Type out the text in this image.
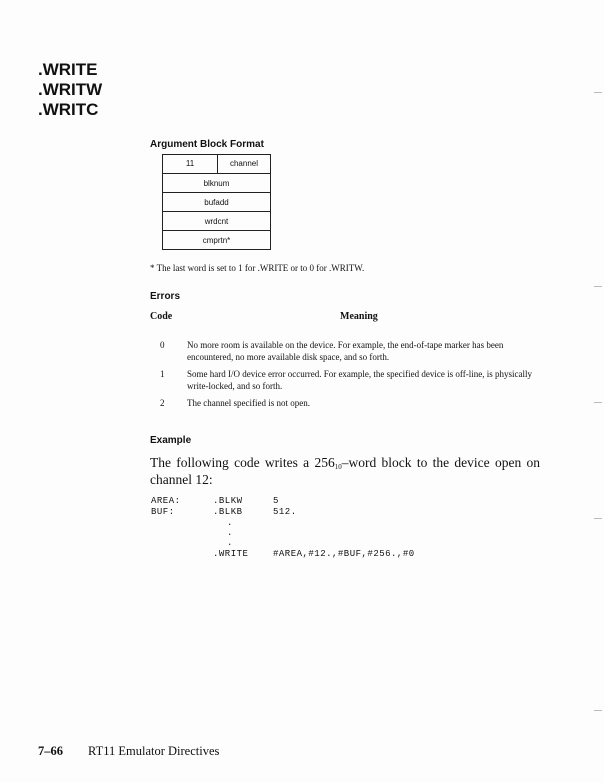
.WRITE
.WRITW
.WRITC
Argument Block Format
11	channel

blknum
bufadd
wrdcnt
cmprtn*
* The last word is set to 1 for .WRITE or to 0 for .WRITW.
Errors
Code	Meaning
0	No more room is available on the device. For example, the end-of-tape marker has been encountered, no more available disk space, and so forth.
1	Some hard I/O device error occurred. For example, the specified device is off-line, is physically write-locked, and so forth.
2	The channel specified is not open.
Example
The following code writes a $256_{10}$–word block to the device open on channel 12:
AREA:	.BLKW	5
BUF:	.BLKB	512.
.
.
.
.WRITE	#AREA,#12.,#BUF,#256.,#0
7–66 RT11 Emulator Directives
